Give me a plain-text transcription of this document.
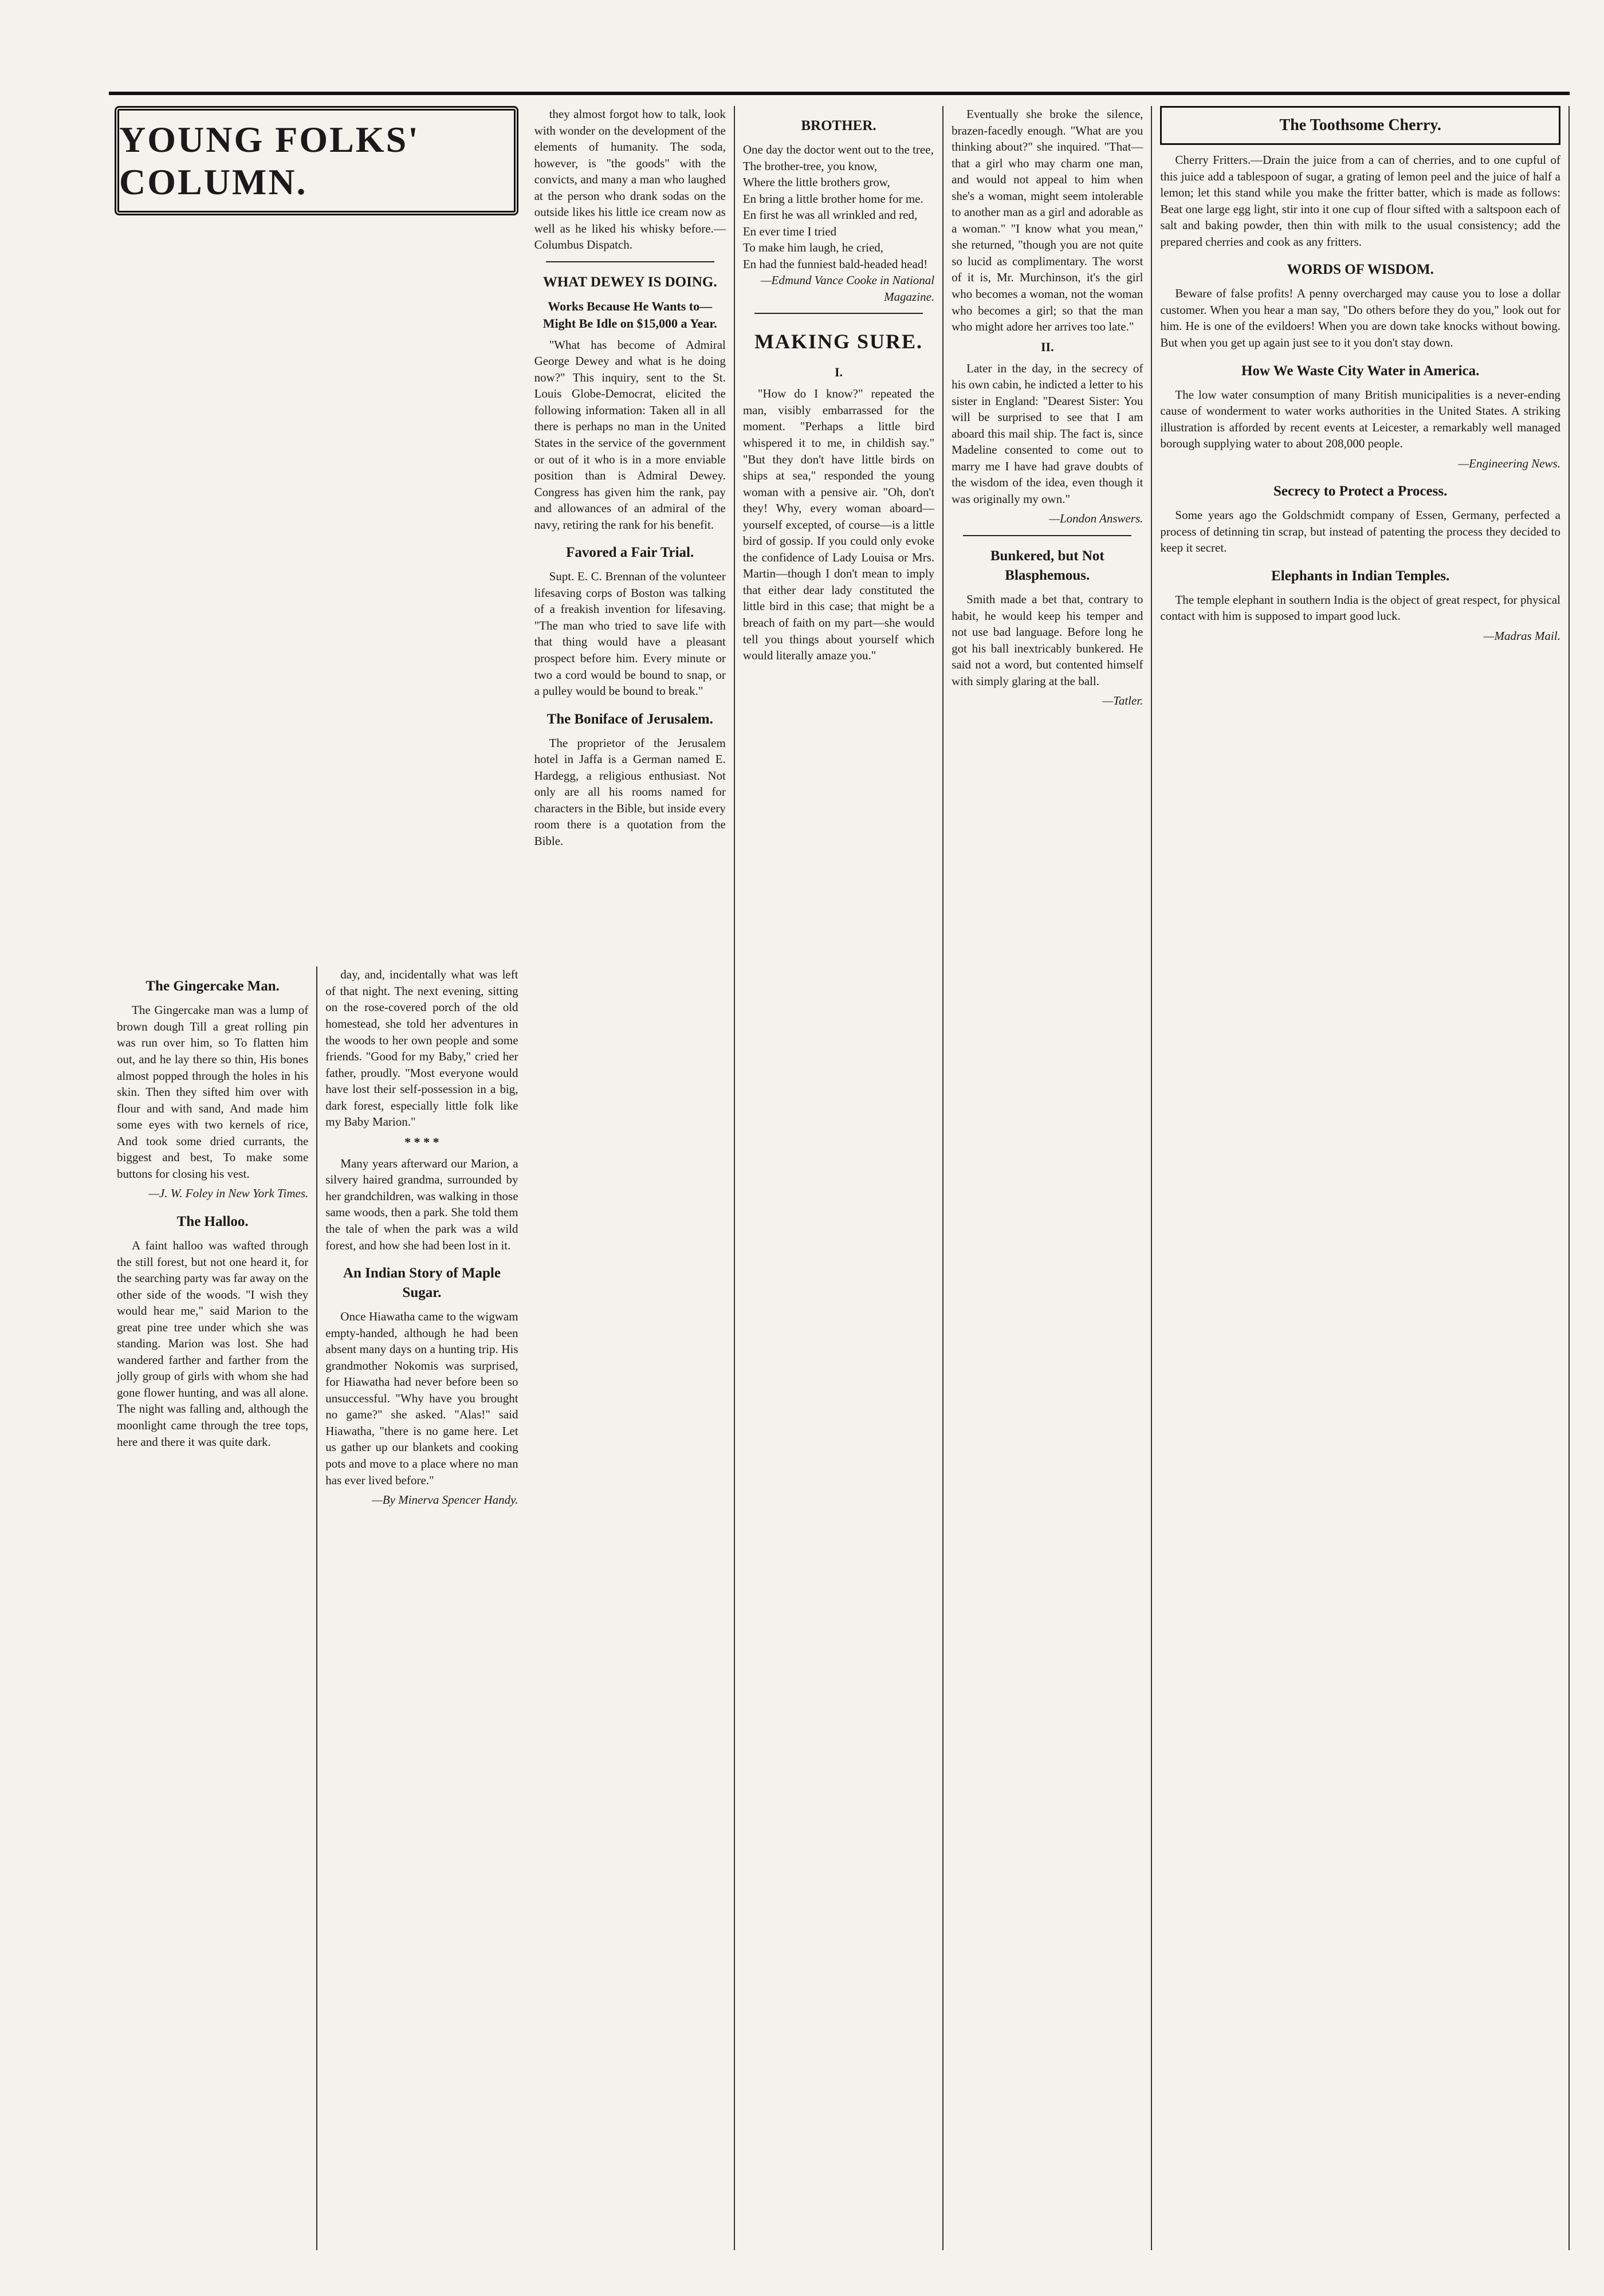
YOUNG FOLKS' COLUMN.

they almost forgot how to talk, look with wonder on the development of the elements of humanity. The soda, however, is "the goods" with the convicts, and many a man who laughed at the person who drank sodas on the outside likes his little ice cream now as well as he liked his whisky before.—Columbus Dispatch.

WHAT DEWEY IS DOING.
Works Because He Wants to—Might Be Idle on $15,000 a Year.

"What has become of Admiral George Dewey and what is he doing now?" This inquiry, sent to the St. Louis Globe-Democrat, elicited the following information: Taken all in all there is perhaps no man in the United States in the service of the government or out of it who is in a more enviable position than is Admiral Dewey. Congress has given him the rank, pay and allowances of an admiral of the navy, retiring the rank for his benefit.

Favored a Fair Trial.

Supt. E. C. Brennan of the volunteer lifesaving corps of Boston was talking of a freakish invention for lifesaving. "The man who tried to save life with that thing would have a pleasant prospect before him. Every minute or two a cord would be bound to snap, or a pulley would be bound to break."

The Boniface of Jerusalem.

The proprietor of the Jerusalem hotel in Jaffa is a German named E. Hardegg, a religious enthusiast. Not only are all his rooms named for characters in the Bible, but inside every room there is a quotation from the Bible.

BROTHER.

One day the doctor went out to the tree,

The brother-tree, you know,

Where the little brothers grow,

En bring a little brother home for me.

En first he was all wrinkled and red,

En ever time I tried

To make him laugh, he cried,

En had the funniest bald-headed head!

—Edmund Vance Cooke in National Magazine.

MAKING SURE.
I.

"How do I know?" repeated the man, visibly embarrassed for the moment. "Perhaps a little bird whispered it to me, in childish say." "But they don't have little birds on ships at sea," responded the young woman with a pensive air. "Oh, don't they! Why, every woman aboard—yourself excepted, of course—is a little bird of gossip. If you could only evoke the confidence of Lady Louisa or Mrs. Martin—though I don't mean to imply that either dear lady constituted the little bird in this case; that might be a breach of faith on my part—she would tell you things about yourself which would literally amaze you."

Eventually she broke the silence, brazen-facedly enough. "What are you thinking about?" she inquired. "That—that a girl who may charm one man, and would not appeal to him when she's a woman, might seem intolerable to another man as a girl and adorable as a woman." "I know what you mean," she returned, "though you are not quite so lucid as complimentary. The worst of it is, Mr. Murchinson, it's the girl who becomes a woman, not the woman who becomes a girl; so that the man who might adore her arrives too late."

II.

Later in the day, in the secrecy of his own cabin, he indicted a letter to his sister in England: "Dearest Sister: You will be surprised to see that I am aboard this mail ship. The fact is, since Madeline consented to come out to marry me I have had grave doubts of the wisdom of the idea, even though it was originally my own."

—London Answers.

Bunkered, but Not Blasphemous.

Smith made a bet that, contrary to habit, he would keep his temper and not use bad language. Before long he got his ball inextricably bunkered. He said not a word, but contented himself with simply glaring at the ball.

—Tatler.

The Toothsome Cherry.

Cherry Fritters.—Drain the juice from a can of cherries, and to one cupful of this juice add a tablespoon of sugar, a grating of lemon peel and the juice of half a lemon; let this stand while you make the fritter batter, which is made as follows: Beat one large egg light, stir into it one cup of flour sifted with a saltspoon each of salt and baking powder, then thin with milk to the usual consistency; add the prepared cherries and cook as any fritters.

WORDS OF WISDOM.

Beware of false profits! A penny overcharged may cause you to lose a dollar customer. When you hear a man say, "Do others before they do you," look out for him. He is one of the evildoers! When you are down take knocks without bowing. But when you get up again just see to it you don't stay down.

How We Waste City Water in America.

The low water consumption of many British municipalities is a never-ending cause of wonderment to water works authorities in the United States. A striking illustration is afforded by recent events at Leicester, a remarkably well managed borough supplying water to about 208,000 people.

—Engineering News.

Secrecy to Protect a Process.

Some years ago the Goldschmidt company of Essen, Germany, perfected a process of detinning tin scrap, but instead of patenting the process they decided to keep it secret.

Elephants in Indian Temples.

The temple elephant in southern India is the object of great respect, for physical contact with him is supposed to impart good luck.

—Madras Mail.

The Gingercake Man.

The Gingercake man was a lump of brown dough Till a great rolling pin was run over him, so To flatten him out, and he lay there so thin, His bones almost popped through the holes in his skin. Then they sifted him over with flour and with sand, And made him some eyes with two kernels of rice, And took some dried currants, the biggest and best, To make some buttons for closing his vest.

—J. W. Foley in New York Times.

The Halloo.

A faint halloo was wafted through the still forest, but not one heard it, for the searching party was far away on the other side of the woods. "I wish they would hear me," said Marion to the great pine tree under which she was standing. Marion was lost. She had wandered farther and farther from the jolly group of girls with whom she had gone flower hunting, and was all alone. The night was falling and, although the moonlight came through the tree tops, here and there it was quite dark.

day, and, incidentally what was left of that night. The next evening, sitting on the rose-covered porch of the old homestead, she told her adventures in the woods to her own people and some friends. "Good for my Baby," cried her father, proudly. "Most everyone would have lost their self-possession in a big, dark forest, especially little folk like my Baby Marion."

* * * *

Many years afterward our Marion, a silvery haired grandma, surrounded by her grandchildren, was walking in those same woods, then a park. She told them the tale of when the park was a wild forest, and how she had been lost in it.

An Indian Story of Maple Sugar.

Once Hiawatha came to the wigwam empty-handed, although he had been absent many days on a hunting trip. His grandmother Nokomis was surprised, for Hiawatha had never before been so unsuccessful. "Why have you brought no game?" she asked. "Alas!" said Hiawatha, "there is no game here. Let us gather up our blankets and cooking pots and move to a place where no man has ever lived before."

—By Minerva Spencer Handy.
